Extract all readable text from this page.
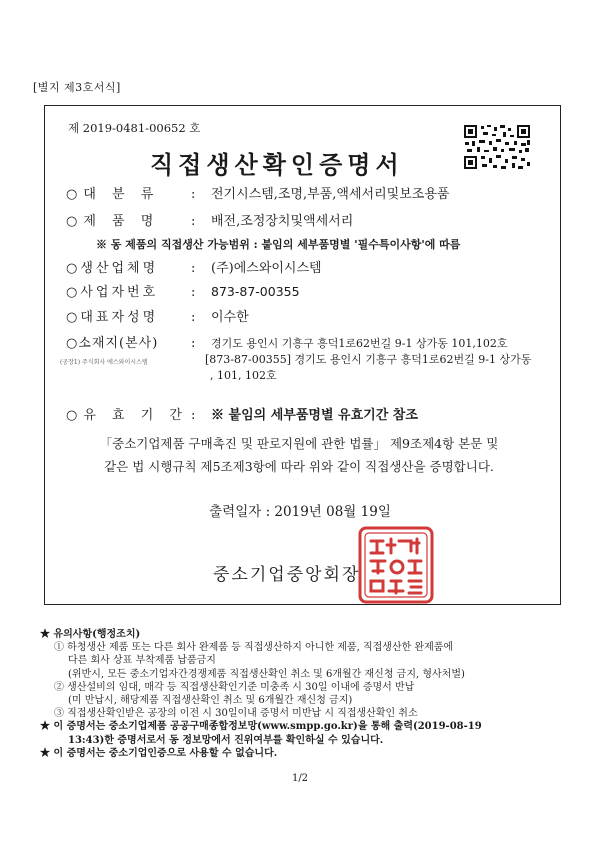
[별지 제3호서식]
제 2019-0481-00652 호
직접생산확인증명서
○대 분 류 : 전기시스템,조명,부품,액세서리및보조용품
○제 품 명 : 배전,조정장치및액세서리
※ 동 제품의 직접생산 가능범위 : 붙임의 세부품명별 '필수특이사항'에 따름
○생산업체명	: (주)에스와이시스템
○사업자번호	: 873-87-00355
○대표자성명	: 이수한
○소재지(본사)	: 경기도 용인시 기흥구 흥덕1로62번길 9-1 상가동 101,102호
(공장1) 주식회사 에스와이시스템	[873-87-00355] 경기도 용인시 기흥구 흥덕1로62번길 9-1 상가동
, 101, 102호
○유 효 기 간 : ※ 붙임의 세부품명별 유효기간 참조
「중소기업제품 구매촉진 및 판로지원에 관한 법률」 제9조제4항 본문 및
같은 법 시행규칙 제5조제3항에 따라 위와 같이 직접생산을 증명합니다.
출력일자 : 2019년 08월 19일
중소기업중앙회장
★ 유의사항(행정조치)
① 하청생산 제품 또는 다른 회사 완제품 등 직접생산하지 아니한 제품, 직접생산한 완제품에
다른 회사 상표 부착제품 납품금지
(위반시, 모든 중소기업자간경쟁제품 직접생산확인 취소 및 6개월간 재신청 금지, 형사처벌)
② 생산설비의 임대, 매각 등 직접생산확인기준 미충족 시 30일 이내에 증명서 반납
(미 반납시, 해당제품 직접생산확인 취소 및 6개월간 재신청 금지)
③ 직접생산확인받은 공장의 이전 시 30일이내 증명서 미반납 시 직접생산확인 취소
★ 이 증명서는 중소기업제품 공공구매종합정보망(www.smpp.go.kr)을 통해 출력(2019-08-19
13:43)한 증명서로서 동 정보망에서 진위여부를 확인하실 수 있습니다.
★ 이 증명서는 중소기업인증으로 사용할 수 없습니다.
1/2
